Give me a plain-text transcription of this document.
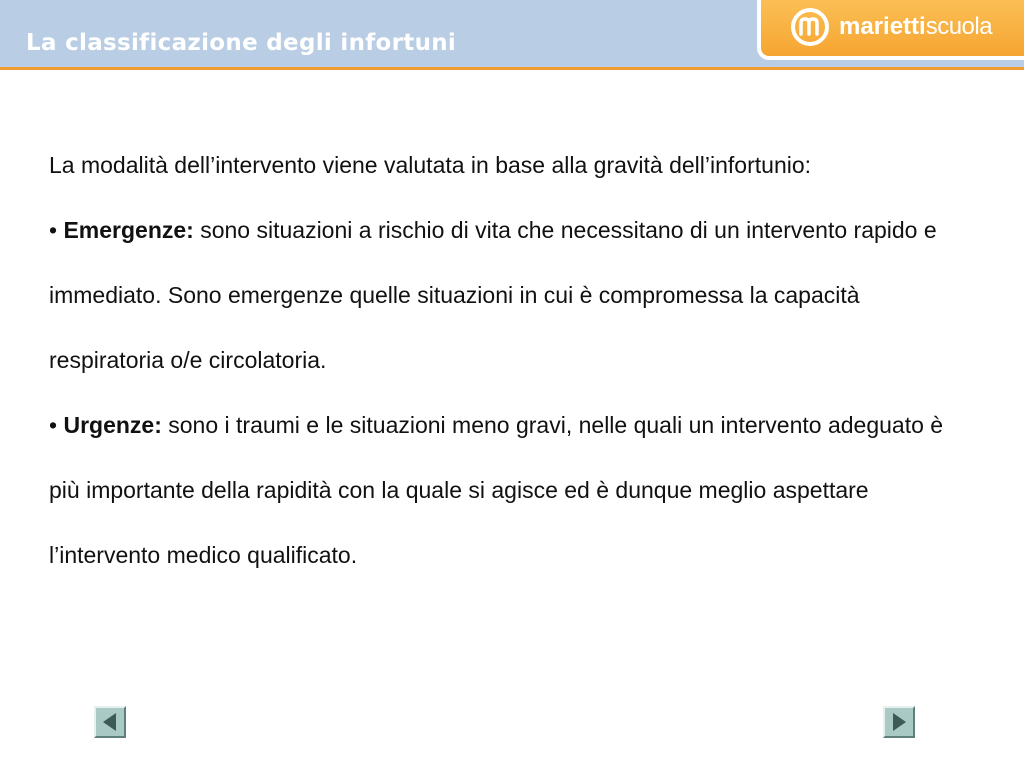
La classificazione degli infortuni
mariettiscuola

La modalità dell’intervento viene valutata in base alla gravità dell’infortunio:

• Emergenze: sono situazioni a rischio di vita che necessitano di un intervento rapido e immediato. Sono emergenze quelle situazioni in cui è compromessa la capacità respiratoria o/e circolatoria.

• Urgenze: sono i traumi e le situazioni meno gravi, nelle quali un intervento adeguato è più importante della rapidità con la quale si agisce ed è dunque meglio aspettare l’intervento medico qualificato.
